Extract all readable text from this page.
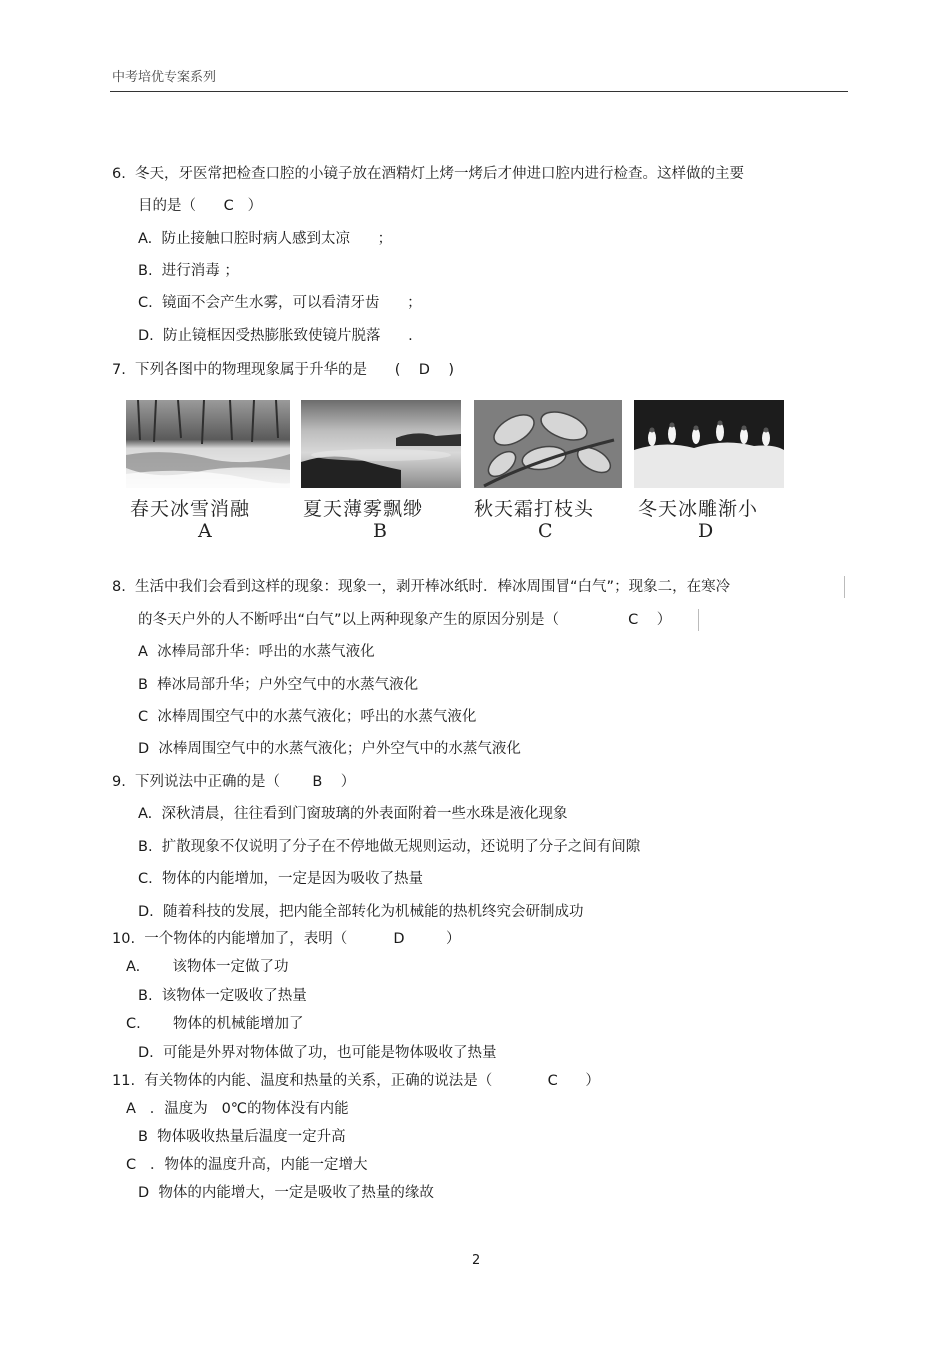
中考培优专案系列
6.  冬天，牙医常把检查口腔的小镜子放在酒精灯上烤一烤后才伸进口腔内进行检查。这样做的主要
目的是（      C   ）
A.  防止接触口腔时病人感到太凉      ；
B.  进行消毒 ；
C.  镜面不会产生水雾，可以看清牙齿      ；
D.  防止镜框因受热膨胀致使镜片脱落      .
7.  下列各图中的物理现象属于升华的是      (    D    )
春天冰雪消融
A
夏天薄雾飘缈
B
秋天霜打枝头
C
冬天冰雕渐小
D
8.  生活中我们会看到这样的现象：现象一，剥开棒冰纸时．棒冰周围冒“白气”；现象二，在寒冷
的冬天户外的人不断呼出“白气”以上两种现象产生的原因分别是（               C    ）
A  冰棒局部升华：呼出的水蒸气液化
B  棒冰局部升华；户外空气中的水蒸气液化
C  冰棒周围空气中的水蒸气液化；呼出的水蒸气液化
D  冰棒周围空气中的水蒸气液化；户外空气中的水蒸气液化
9.  下列说法中正确的是（       B    ）
A.  深秋清晨，往往看到门窗玻璃的外表面附着一些水珠是液化现象
B.  扩散现象不仅说明了分子在不停地做无规则运动，还说明了分子之间有间隙
C.  物体的内能增加，一定是因为吸收了热量
D.  随着科技的发展，把内能全部转化为机械能的热机终究会研制成功
10.  一个物体的内能增加了，表明（          D         ）
A.       该物体一定做了功
B.  该物体一定吸收了热量
C.       物体的机械能增加了
D.  可能是外界对物体做了功，也可能是物体吸收了热量
11.  有关物体的内能、温度和热量的关系，正确的说法是（            C      ）
A   ．温度为   0℃的物体没有内能
B  物体吸收热量后温度一定升高
C   ．物体的温度升高，内能一定增大
D  物体的内能增大，一定是吸收了热量的缘故
2
